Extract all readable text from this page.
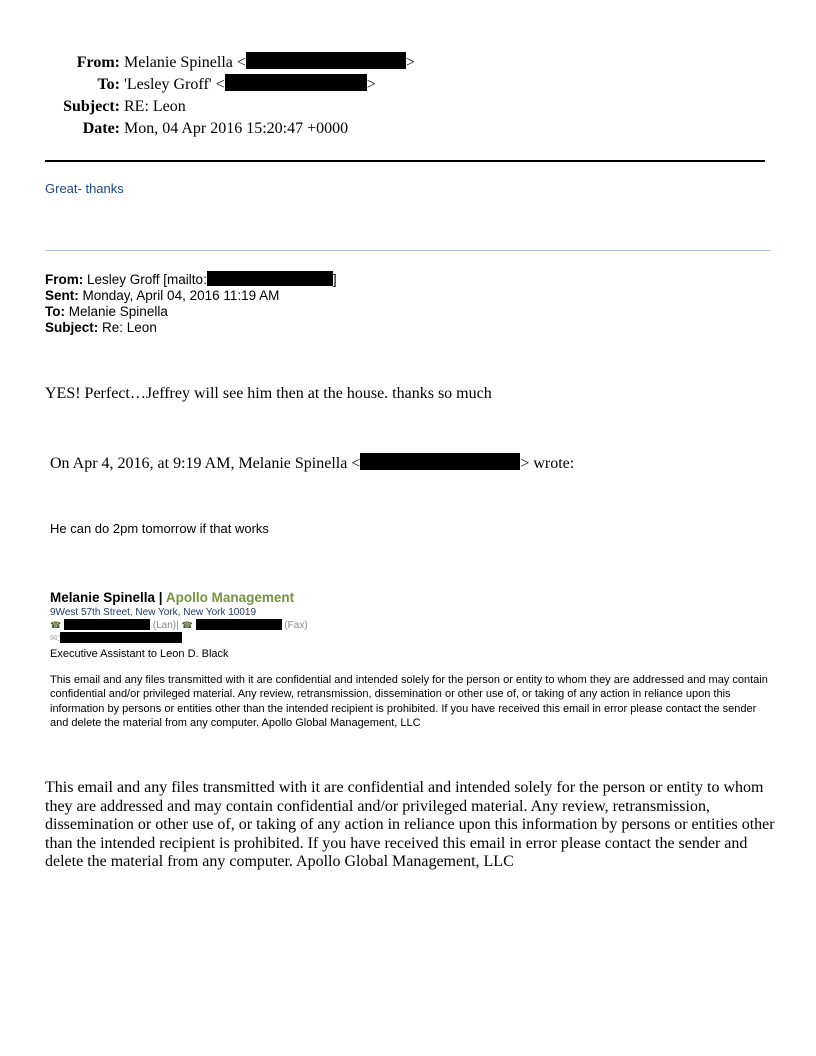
From: Melanie Spinella <	>
To: 'Lesley Groff' <	>
Subject: RE: Leon
Date: Mon, 04 Apr 2016 15:20:47 +0000
Great- thanks
From: Lesley Groff [mailto:	]
Sent: Monday, April 04, 2016 11:19 AM
To: Melanie Spinella
Subject: Re: Leon
YES! Perfect…Jeffrey will see him then at the house. thanks so much
On Apr 4, 2016, at 9:19 AM, Melanie Spinella <	> wrote:
He can do 2pm tomorrow if that works
Melanie Spinella | Apollo Management
9West 57th Street, New York, New York 10019
☎	(Lan)| ☎	(Fax)
✉:
Executive Assistant to Leon D. Black
This email and any files transmitted with it are confidential and intended solely for the person or entity to whom they are addressed and may contain confidential and/or privileged material. Any review, retransmission, dissemination or other use of, or taking of any action in reliance upon this information by persons or entities other than the intended recipient is prohibited. If you have received this email in error please contact the sender and delete the material from any computer. Apollo Global Management, LLC
This email and any files transmitted with it are confidential and intended solely for the person or entity to whom they are addressed and may contain confidential and/or privileged material. Any review, retransmission, dissemination or other use of, or taking of any action in reliance upon this information by persons or entities other than the intended recipient is prohibited. If you have received this email in error please contact the sender and delete the material from any computer. Apollo Global Management, LLC
